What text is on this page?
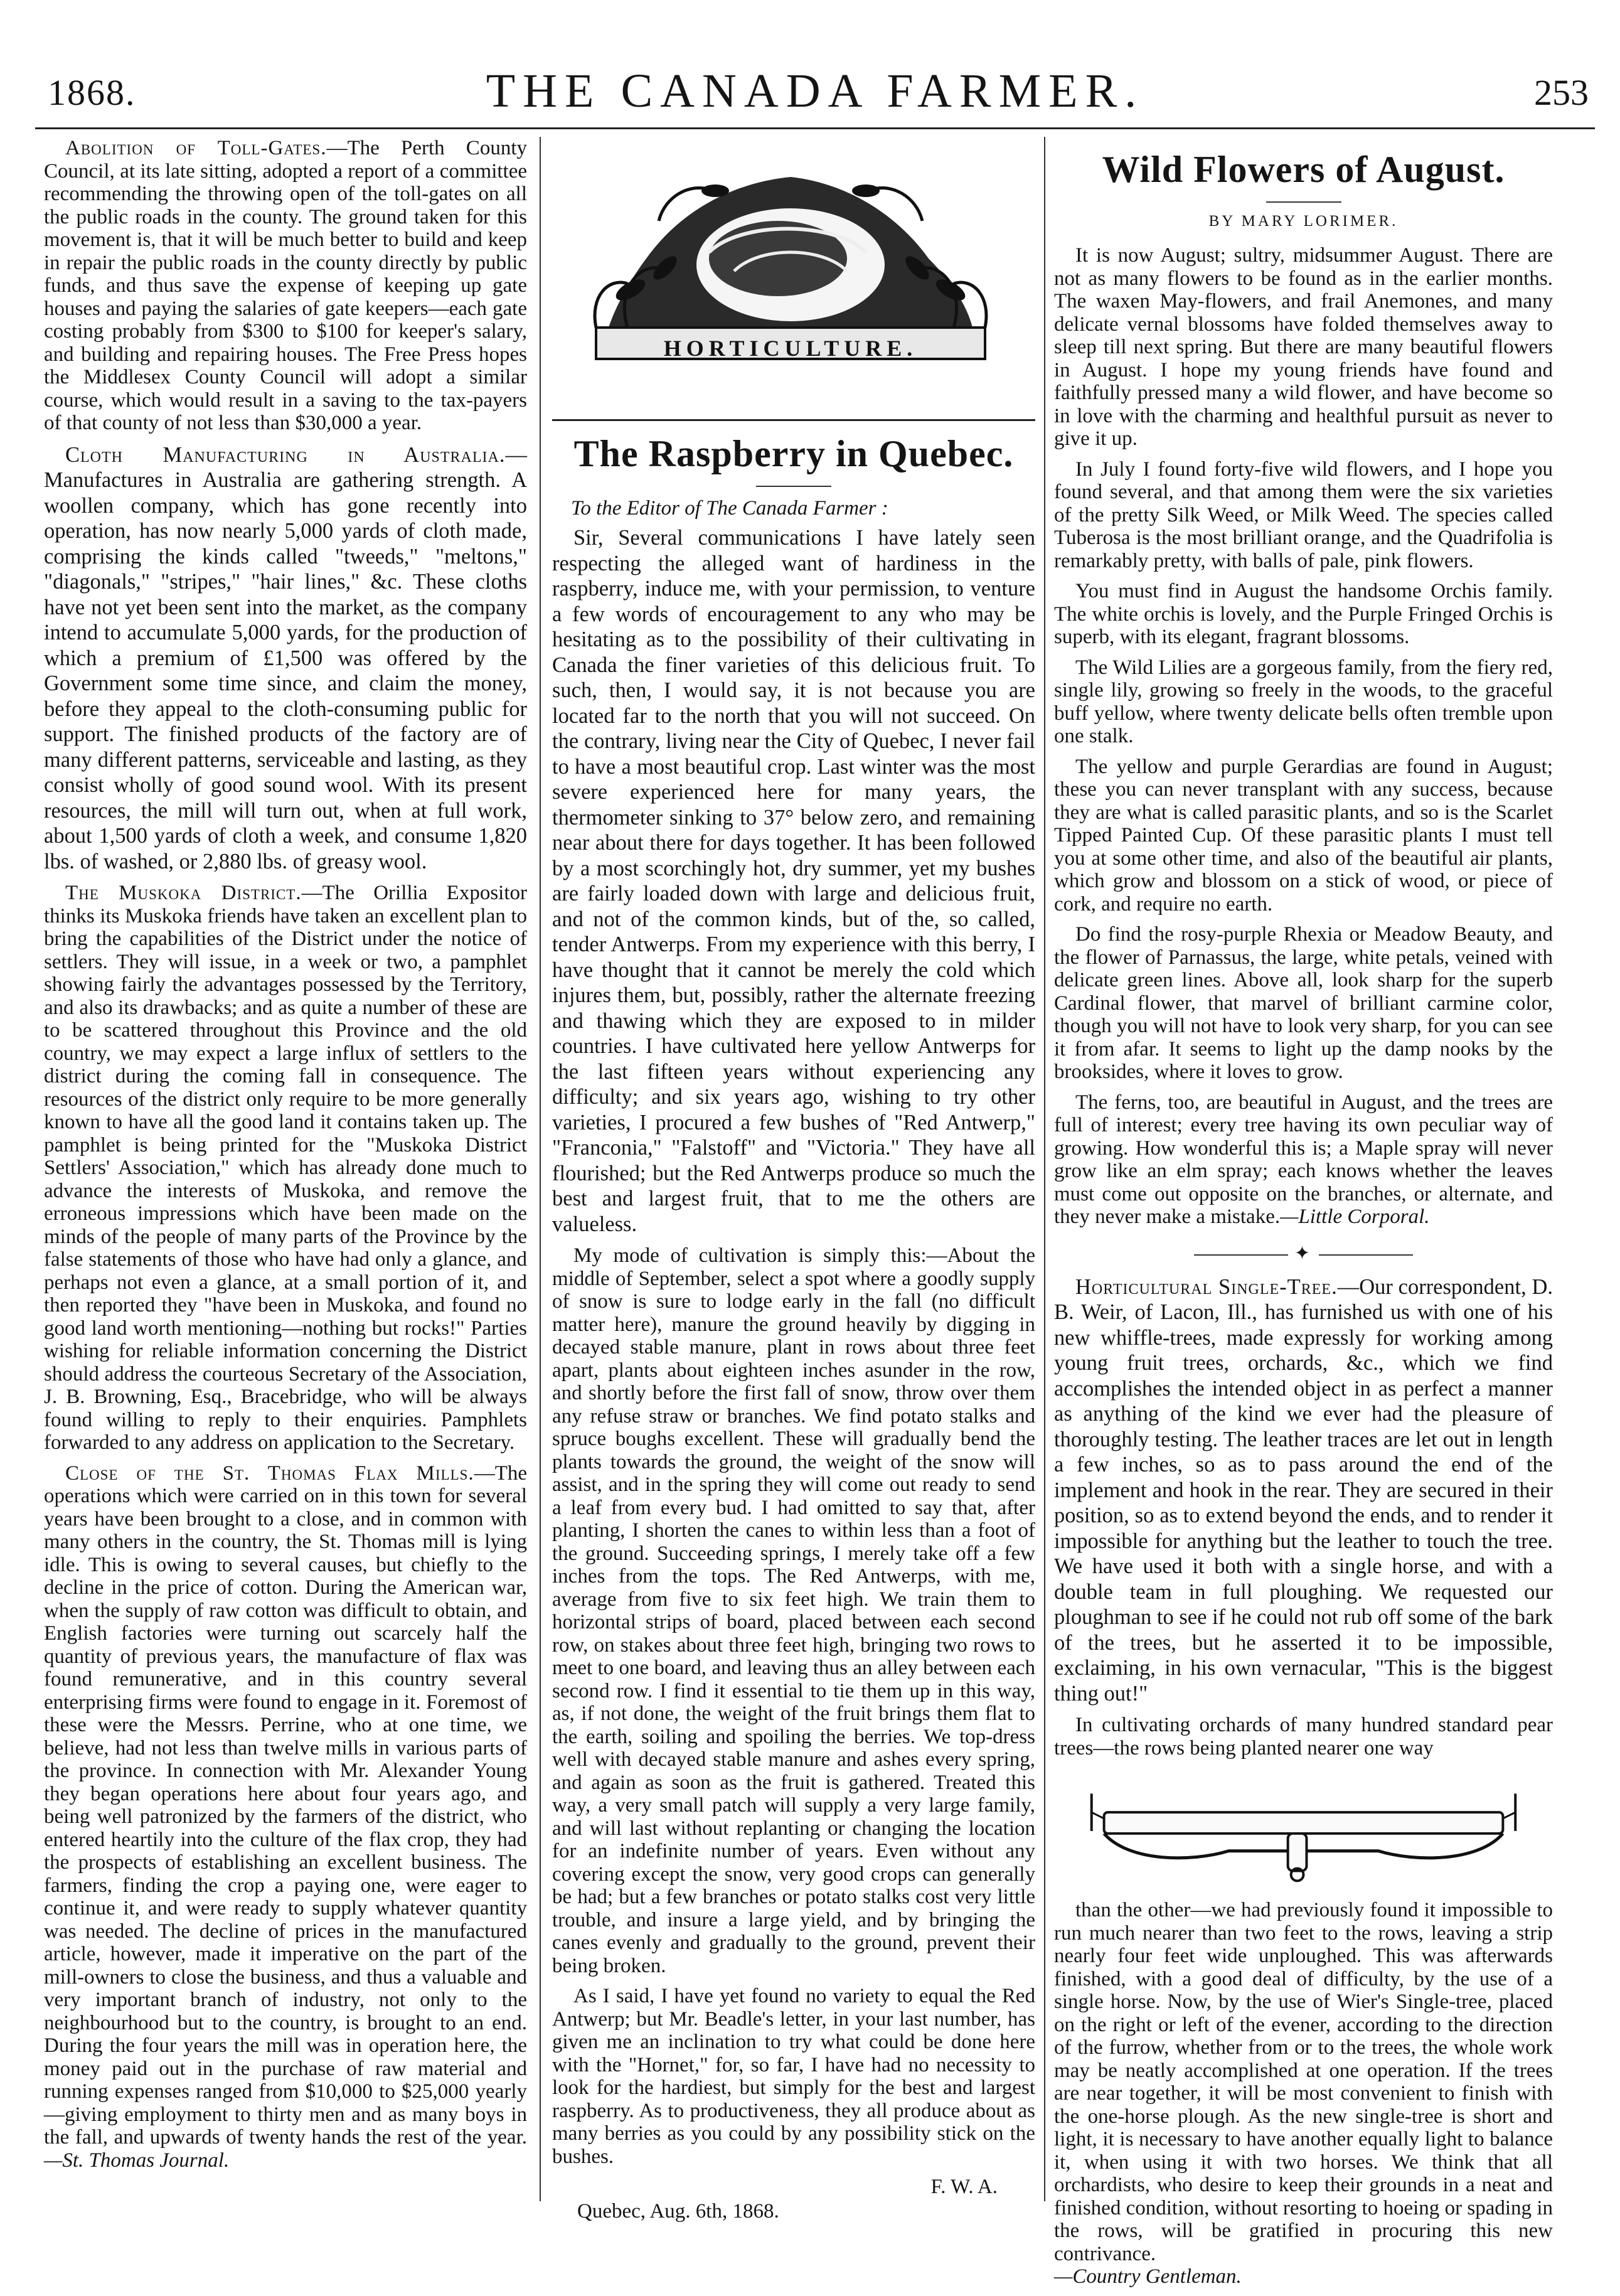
1868.	THE CANADA FARMER.	253

Abolition of Toll-Gates.—The Perth County Council, at its late sitting, adopted a report of a committee recommending the throwing open of the toll-gates on all the public roads in the county. The ground taken for this movement is, that it will be much better to build and keep in repair the public roads in the county directly by public funds, and thus save the expense of keeping up gate houses and paying the salaries of gate keepers—each gate costing probably from $300 to $100 for keeper's salary, and building and repairing houses. The Free Press hopes the Middlesex County Council will adopt a similar course, which would result in a saving to the tax-payers of that county of not less than $30,000 a year.

Cloth Manufacturing in Australia.—Manufactures in Australia are gathering strength. A woollen company, which has gone recently into operation, has now nearly 5,000 yards of cloth made, comprising the kinds called "tweeds," "meltons," "diagonals," "stripes," "hair lines," &c. These cloths have not yet been sent into the market, as the company intend to accumulate 5,000 yards, for the production of which a premium of £1,500 was offered by the Government some time since, and claim the money, before they appeal to the cloth-consuming public for support. The finished products of the factory are of many different patterns, serviceable and lasting, as they consist wholly of good sound wool. With its present resources, the mill will turn out, when at full work, about 1,500 yards of cloth a week, and consume 1,820 lbs. of washed, or 2,880 lbs. of greasy wool.

The Muskoka District.—The Orillia Expositor thinks its Muskoka friends have taken an excellent plan to bring the capabilities of the District under the notice of settlers. They will issue, in a week or two, a pamphlet showing fairly the advantages possessed by the Territory, and also its drawbacks; and as quite a number of these are to be scattered throughout this Province and the old country, we may expect a large influx of settlers to the district during the coming fall in consequence. The resources of the district only require to be more generally known to have all the good land it contains taken up. The pamphlet is being printed for the "Muskoka District Settlers' Association," which has already done much to advance the interests of Muskoka, and remove the erroneous impressions which have been made on the minds of the people of many parts of the Province by the false statements of those who have had only a glance, and perhaps not even a glance, at a small portion of it, and then reported they "have been in Muskoka, and found no good land worth mentioning—nothing but rocks!" Parties wishing for reliable information concerning the District should address the courteous Secretary of the Association, J. B. Browning, Esq., Bracebridge, who will be always found willing to reply to their enquiries. Pamphlets forwarded to any address on application to the Secretary.

Close of the St. Thomas Flax Mills.—The operations which were carried on in this town for several years have been brought to a close, and in common with many others in the country, the St. Thomas mill is lying idle. This is owing to several causes, but chiefly to the decline in the price of cotton. During the American war, when the supply of raw cotton was difficult to obtain, and English factories were turning out scarcely half the quantity of previous years, the manufacture of flax was found remunerative, and in this country several enterprising firms were found to engage in it. Foremost of these were the Messrs. Perrine, who at one time, we believe, had not less than twelve mills in various parts of the province. In connection with Mr. Alexander Young they began operations here about four years ago, and being well patronized by the farmers of the district, who entered heartily into the culture of the flax crop, they had the prospects of establishing an excellent business. The farmers, finding the crop a paying one, were eager to continue it, and were ready to supply whatever quantity was needed. The decline of prices in the manufactured article, however, made it imperative on the part of the mill-owners to close the business, and thus a valuable and very important branch of industry, not only to the neighbourhood but to the country, is brought to an end. During the four years the mill was in operation here, the money paid out in the purchase of raw material and running expenses ranged from $10,000 to $25,000 yearly—giving employment to thirty men and as many boys in the fall, and upwards of twenty hands the rest of the year.—St. Thomas Journal.

HORTICULTURE.
The Raspberry in Quebec.

To the Editor of The Canada Farmer :

Sir, Several communications I have lately seen respecting the alleged want of hardiness in the raspberry, induce me, with your permission, to venture a few words of encouragement to any who may be hesitating as to the possibility of their cultivating in Canada the finer varieties of this delicious fruit. To such, then, I would say, it is not because you are located far to the north that you will not succeed. On the contrary, living near the City of Quebec, I never fail to have a most beautiful crop. Last winter was the most severe experienced here for many years, the thermometer sinking to 37° below zero, and remaining near about there for days together. It has been followed by a most scorchingly hot, dry summer, yet my bushes are fairly loaded down with large and delicious fruit, and not of the common kinds, but of the, so called, tender Antwerps. From my experience with this berry, I have thought that it cannot be merely the cold which injures them, but, possibly, rather the alternate freezing and thawing which they are exposed to in milder countries. I have cultivated here yellow Antwerps for the last fifteen years without experiencing any difficulty; and six years ago, wishing to try other varieties, I procured a few bushes of "Red Antwerp," "Franconia," "Falstoff" and "Victoria." They have all flourished; but the Red Antwerps produce so much the best and largest fruit, that to me the others are valueless.

My mode of cultivation is simply this:—About the middle of September, select a spot where a goodly supply of snow is sure to lodge early in the fall (no difficult matter here), manure the ground heavily by digging in decayed stable manure, plant in rows about three feet apart, plants about eighteen inches asunder in the row, and shortly before the first fall of snow, throw over them any refuse straw or branches. We find potato stalks and spruce boughs excellent. These will gradually bend the plants towards the ground, the weight of the snow will assist, and in the spring they will come out ready to send a leaf from every bud. I had omitted to say that, after planting, I shorten the canes to within less than a foot of the ground. Succeeding springs, I merely take off a few inches from the tops. The Red Antwerps, with me, average from five to six feet high. We train them to horizontal strips of board, placed between each second row, on stakes about three feet high, bringing two rows to meet to one board, and leaving thus an alley between each second row. I find it essential to tie them up in this way, as, if not done, the weight of the fruit brings them flat to the earth, soiling and spoiling the berries. We top-dress well with decayed stable manure and ashes every spring, and again as soon as the fruit is gathered. Treated this way, a very small patch will supply a very large family, and will last without replanting or changing the location for an indefinite number of years. Even without any covering except the snow, very good crops can generally be had; but a few branches or potato stalks cost very little trouble, and insure a large yield, and by bringing the canes evenly and gradually to the ground, prevent their being broken.

As I said, I have yet found no variety to equal the Red Antwerp; but Mr. Beadle's letter, in your last number, has given me an inclination to try what could be done here with the "Hornet," for, so far, I have had no necessity to look for the hardiest, but simply for the best and largest raspberry. As to productiveness, they all produce about as many berries as you could by any possibility stick on the bushes.

F. W. A.

Quebec, Aug. 6th, 1868.

Wild Flowers of August.

BY MARY LORIMER.

It is now August; sultry, midsummer August. There are not as many flowers to be found as in the earlier months. The waxen May-flowers, and frail Anemones, and many delicate vernal blossoms have folded themselves away to sleep till next spring. But there are many beautiful flowers in August. I hope my young friends have found and faithfully pressed many a wild flower, and have become so in love with the charming and healthful pursuit as never to give it up.

In July I found forty-five wild flowers, and I hope you found several, and that among them were the six varieties of the pretty Silk Weed, or Milk Weed. The species called Tuberosa is the most brilliant orange, and the Quadrifolia is remarkably pretty, with balls of pale, pink flowers.

You must find in August the handsome Orchis family. The white orchis is lovely, and the Purple Fringed Orchis is superb, with its elegant, fragrant blossoms.

The Wild Lilies are a gorgeous family, from the fiery red, single lily, growing so freely in the woods, to the graceful buff yellow, where twenty delicate bells often tremble upon one stalk.

The yellow and purple Gerardias are found in August; these you can never transplant with any success, because they are what is called parasitic plants, and so is the Scarlet Tipped Painted Cup. Of these parasitic plants I must tell you at some other time, and also of the beautiful air plants, which grow and blossom on a stick of wood, or piece of cork, and require no earth.

Do find the rosy-purple Rhexia or Meadow Beauty, and the flower of Parnassus, the large, white petals, veined with delicate green lines. Above all, look sharp for the superb Cardinal flower, that marvel of brilliant carmine color, though you will not have to look very sharp, for you can see it from afar. It seems to light up the damp nooks by the brooksides, where it loves to grow.

The ferns, too, are beautiful in August, and the trees are full of interest; every tree having its own peculiar way of growing. How wonderful this is; a Maple spray will never grow like an elm spray; each knows whether the leaves must come out opposite on the branches, or alternate, and they never make a mistake.—Little Corporal.

✦

Horticultural Single-Tree.—Our correspondent, D. B. Weir, of Lacon, Ill., has furnished us with one of his new whiffle-trees, made expressly for working among young fruit trees, orchards, &c., which we find accomplishes the intended object in as perfect a manner as anything of the kind we ever had the pleasure of thoroughly testing. The leather traces are let out in length a few inches, so as to pass around the end of the implement and hook in the rear. They are secured in their position, so as to extend beyond the ends, and to render it impossible for anything but the leather to touch the tree. We have used it both with a single horse, and with a double team in full ploughing. We requested our ploughman to see if he could not rub off some of the bark of the trees, but he asserted it to be impossible, exclaiming, in his own vernacular, "This is the biggest thing out!"

In cultivating orchards of many hundred standard pear trees—the rows being planted nearer one way

than the other—we had previously found it impossible to run much nearer than two feet to the rows, leaving a strip nearly four feet wide unploughed. This was afterwards finished, with a good deal of difficulty, by the use of a single horse. Now, by the use of Wier's Single-tree, placed on the right or left of the evener, according to the direction of the furrow, whether from or to the trees, the whole work may be neatly accomplished at one operation. If the trees are near together, it will be most convenient to finish with the one-horse plough. As the new single-tree is short and light, it is necessary to have another equally light to balance it, when using it with two horses. We think that all orchardists, who desire to keep their grounds in a neat and finished condition, without resorting to hoeing or spading in the rows, will be gratified in procuring this new contrivance.
—Country Gentleman.
